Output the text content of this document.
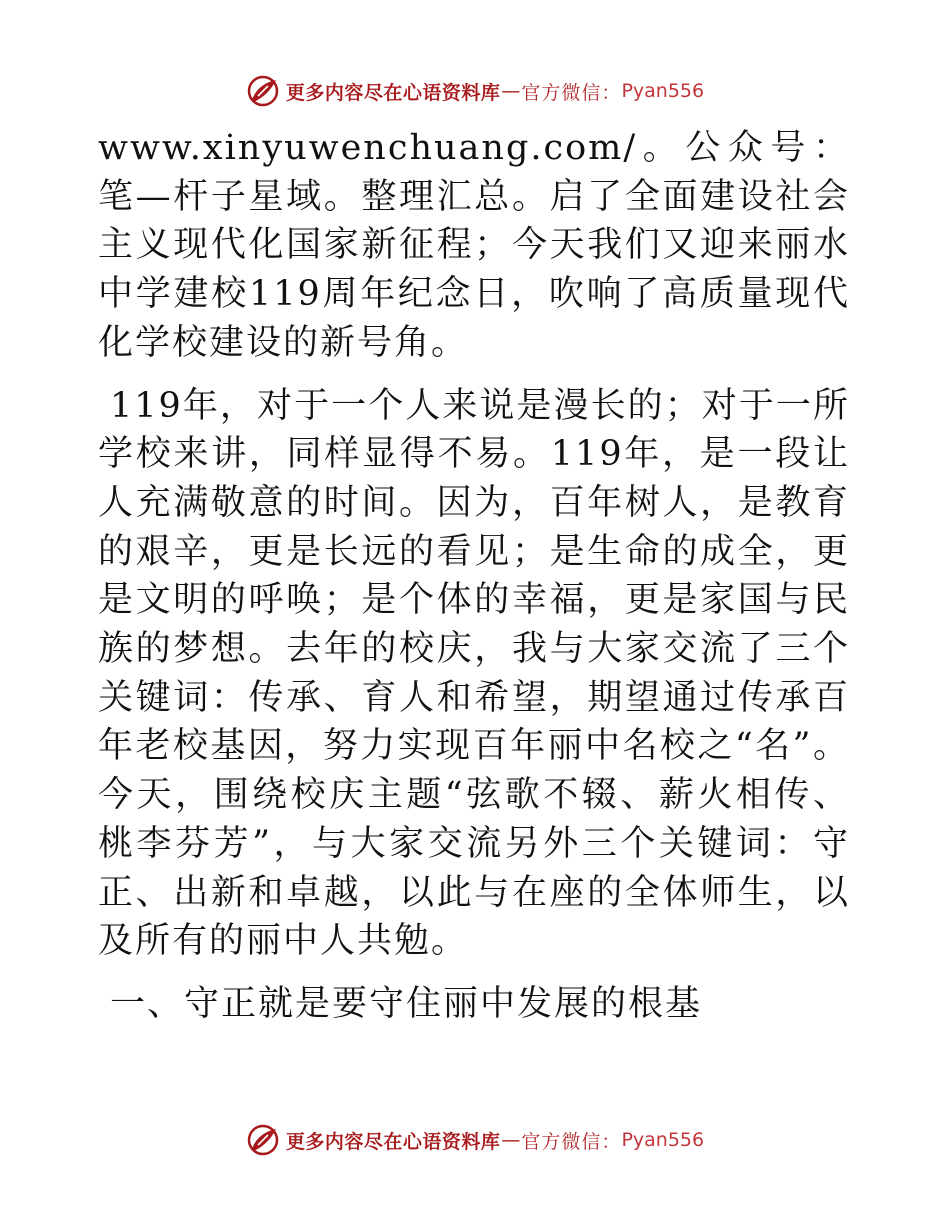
更多内容尽在心语资料库 — 官方微信： Pyan556

www.xinyuwenchuang.com/。公众号：笔—杆子星域。整理汇总。启了全面建设社会主义现代化国家新征程；今天我们又迎来丽水中学建校119周年纪念日，吹响了高质量现代化学校建设的新号角。

119年，对于一个人来说是漫长的；对于一所学校来讲，同样显得不易。119年，是一段让人充满敬意的时间。因为，百年树人，是教育的艰辛，更是长远的看见；是生命的成全，更是文明的呼唤；是个体的幸福，更是家国与民族的梦想。去年的校庆，我与大家交流了三个关键词：传承、育人和希望，期望通过传承百年老校基因，努力实现百年丽中名校之“名”。今天，围绕校庆主题“弦歌不辍、薪火相传、桃李芬芳”，与大家交流另外三个关键词：守正、出新和卓越，以此与在座的全体师生，以及所有的丽中人共勉。

一、守正就是要守住丽中发展的根基

更多内容尽在心语资料库 — 官方微信： Pyan556
